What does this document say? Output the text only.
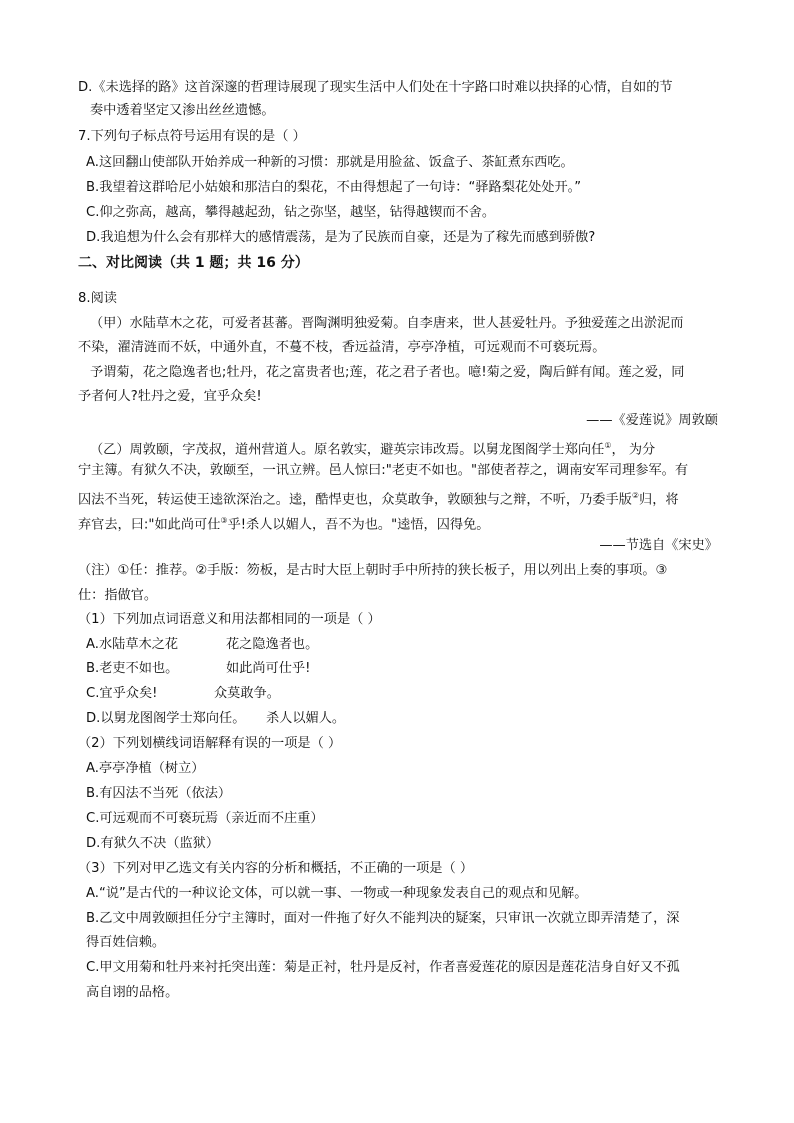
D.《未选择的路》这首深邃的哲理诗展现了现实生活中人们处在十字路口时难以抉择的心情，自如的节
奏中透着坚定又渗出丝丝遗憾。
7.下列句子标点符号运用有误的是（ ）
A.这回翻山使部队开始养成一种新的习惯：那就是用脸盆、饭盒子、茶缸煮东西吃。
B.我望着这群哈尼小姑娘和那洁白的梨花，不由得想起了一句诗：“驿路梨花处处开。”
C.仰之弥高，越高，攀得越起劲，钻之弥坚，越坚，钻得越锲而不舍。
D.我追想为什么会有那样大的感情震荡，是为了民族而自豪，还是为了稼先而感到骄傲?
二、对比阅读（共 1 题；共 16 分）
8.阅读
（甲）水陆草木之花，可爱者甚蕃。晋陶渊明独爱菊。自李唐来，世人甚爱牡丹。予独爱莲之出淤泥而
不染，濯清涟而不妖，中通外直，不蔓不枝，香远益清，亭亭净植，可远观而不可亵玩焉。
予谓菊，花之隐逸者也;牡丹，花之富贵者也;莲，花之君子者也。噫!菊之爱，陶后鲜有闻。莲之爱，同
予者何人?牡丹之爱，宜乎众矣!
——《爱莲说》周敦颐
（乙）周敦颐，字茂叔，道州营道人。原名敦实，避英宗讳改焉。以舅龙图阁学士郑向任①， 为分
宁主簿。有狱久不决，敦颐至，一讯立辨。邑人惊曰:"老吏不如也。"部使者荐之，调南安军司理参军。有
囚法不当死，转运使王逵欲深治之。逵，酷悍吏也，众莫敢争，敦颐独与之辩，不听，乃委手版②归，将
弃官去，曰:"如此尚可仕③乎!杀人以媚人，吾不为也。"逵悟，囚得免。
——节选自《宋史》
（注）①任：推荐。②手版：笏板，是古时大臣上朝时手中所持的狭长板子，用以列出上奏的事项。③
仕：指做官。
（1）下列加点词语意义和用法都相同的一项是（ ）
A.水陆草木之花	花之隐逸者也。
B.老吏不如也。	如此尚可仕乎!
C.宜乎众矣!	众莫敢争。
D.以舅龙图阁学士郑向任。 杀人以媚人。
（2）下列划横线词语解释有误的一项是（ ）
A.亭亭净植（树立）
B.有囚法不当死（依法）
C.可远观而不可亵玩焉（亲近而不庄重）
D.有狱久不决（监狱）
（3）下列对甲乙选文有关内容的分析和概括，不正确的一项是（ ）
A.“说”是古代的一种议论文体，可以就一事、一物或一种现象发表自己的观点和见解。
B.乙文中周敦颐担任分宁主簿时，面对一件拖了好久不能判决的疑案，只审讯一次就立即弄清楚了，深
得百姓信赖。
C.甲文用菊和牡丹来衬托突出莲：菊是正衬，牡丹是反衬，作者喜爱莲花的原因是莲花洁身自好又不孤
高自诩的品格。
